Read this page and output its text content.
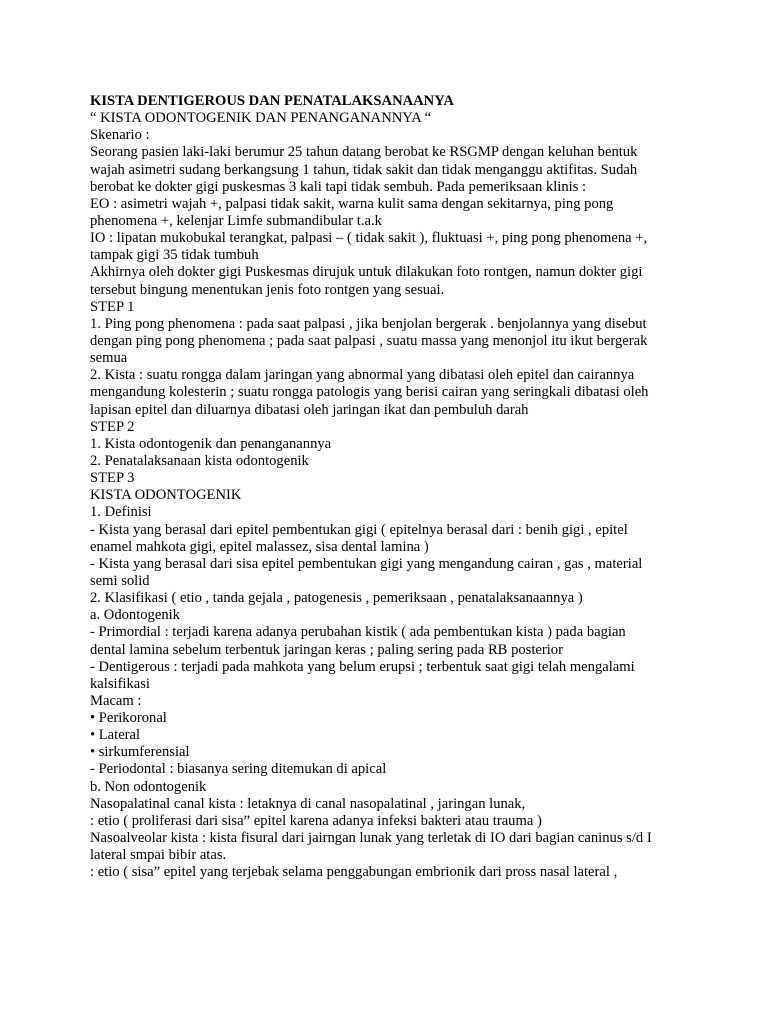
KISTA DENTIGEROUS DAN PENATALAKSANAANYA
“ KISTA ODONTOGENIK DAN PENANGANANNYA “
Skenario :
Seorang pasien laki-laki berumur 25 tahun datang berobat ke RSGMP dengan keluhan bentuk
wajah asimetri sudang berkangsung 1 tahun, tidak sakit dan tidak menganggu aktifitas. Sudah
berobat ke dokter gigi puskesmas 3 kali tapi tidak sembuh. Pada pemeriksaan klinis :
EO : asimetri wajah +, palpasi tidak sakit, warna kulit sama dengan sekitarnya, ping pong
phenomena +, kelenjar Limfe submandibular t.a.k
IO : lipatan mukobukal terangkat, palpasi – ( tidak sakit ), fluktuasi +, ping pong phenomena +,
tampak gigi 35 tidak tumbuh
Akhirnya oleh dokter gigi Puskesmas dirujuk untuk dilakukan foto rontgen, namun dokter gigi
tersebut bingung menentukan jenis foto rontgen yang sesuai.
STEP 1
1. Ping pong phenomena : pada saat palpasi , jika benjolan bergerak . benjolannya yang disebut
dengan ping pong phenomena ; pada saat palpasi , suatu massa yang menonjol itu ikut bergerak
semua
2. Kista : suatu rongga dalam jaringan yang abnormal yang dibatasi oleh epitel dan cairannya
mengandung kolesterin ; suatu rongga patologis yang berisi cairan yang seringkali dibatasi oleh
lapisan epitel dan diluarnya dibatasi oleh jaringan ikat dan pembuluh darah
STEP 2
1. Kista odontogenik dan penanganannya
2. Penatalaksanaan kista odontogenik
STEP 3
KISTA ODONTOGENIK
1. Definisi
- Kista yang berasal dari epitel pembentukan gigi ( epitelnya berasal dari : benih gigi , epitel
enamel mahkota gigi, epitel malassez, sisa dental lamina )
- Kista yang berasal dari sisa epitel pembentukan gigi yang mengandung cairan , gas , material
semi solid
2. Klasifikasi ( etio , tanda gejala , patogenesis , pemeriksaan , penatalaksanaannya )
a. Odontogenik
- Primordial : terjadi karena adanya perubahan kistik ( ada pembentukan kista ) pada bagian
dental lamina sebelum terbentuk jaringan keras ; paling sering pada RB posterior
- Dentigerous : terjadi pada mahkota yang belum erupsi ; terbentuk saat gigi telah mengalami
kalsifikasi
Macam :
• Perikoronal
• Lateral
• sirkumferensial
- Periodontal : biasanya sering ditemukan di apical
b. Non odontogenik
Nasopalatinal canal kista : letaknya di canal nasopalatinal , jaringan lunak,
: etio ( proliferasi dari sisa” epitel karena adanya infeksi bakteri atau trauma )
Nasoalveolar kista : kista fisural dari jairngan lunak yang terletak di IO dari bagian caninus s/d I
lateral smpai bibir atas.
: etio ( sisa” epitel yang terjebak selama penggabungan embrionik dari pross nasal lateral ,
